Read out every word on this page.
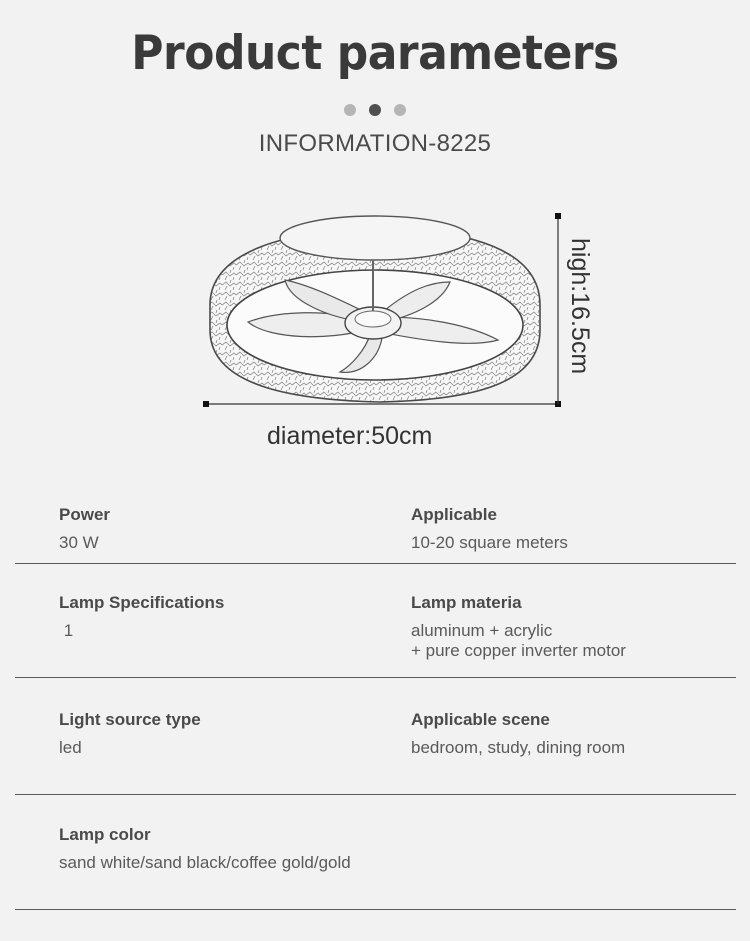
Product parameters
INFORMATION-8225
diameter:50cm
high:16.5cm
Power
30 W
Applicable
10-20 square meters
Lamp Specifications
1
Lamp materia
aluminum + acrylic
+ pure copper inverter motor
Light source type
led
Applicable scene
bedroom, study, dining room
Lamp color
sand white/sand black/coffee gold/gold
